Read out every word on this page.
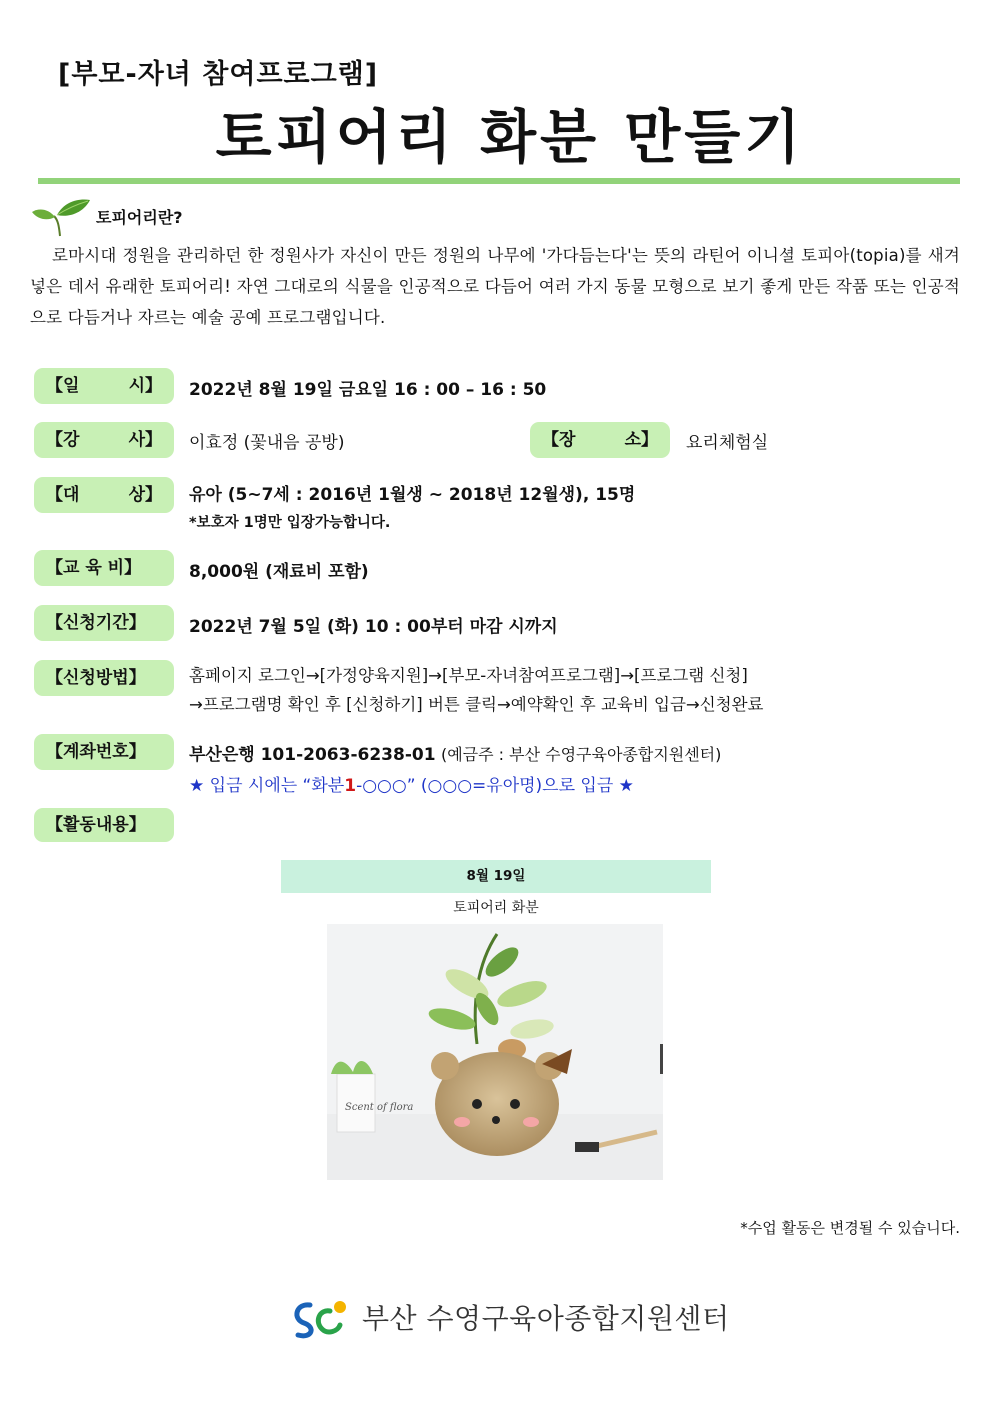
[부모-자녀 참여프로그램]
토피어리 화분 만들기
토피어리란?
로마시대 정원을 관리하던 한 정원사가 자신이 만든 정원의 나무에 '가다듬는다'는 뜻의 라틴어 이니셜 토피아(topia)를 새겨 넣은 데서 유래한 토피어리! 자연 그대로의 식물을 인공적으로 다듬어 여러 가지 동물 모형으로 보기 좋게 만든 작품 또는 인공적으로 다듬거나 자르는 예술 공예 프로그램입니다.
【일	시】 2022년 8월 19일 금요일 16 : 00 – 16 : 50
【강	사】 이효정 (꽃내음 공방)	【장	소】 요리체험실
【대	상】 유아 (5~7세 : 2016년 1월생 ~ 2018년 12월생), 15명
*보호자 1명만 입장가능합니다.
【교 육 비】	8,000원 (재료비 포함)
【신청기간】	2022년 7월 5일 (화) 10 : 00부터 마감 시까지
【신청방법】	홈페이지 로그인→[가정양육지원]→[부모-자녀참여프로그램]→[프로그램 신청]
→프로그램명 확인 후 [신청하기] 버튼 클릭→예약확인 후 교육비 입금→신청완료
【계좌번호】	부산은행 101-2063-6238-01 (예금주 : 부산 수영구육아종합지원센터)
★ 입금 시에는 “화분1-○○○” (○○○=유아명)으로 입금 ★
【활동내용】
8월 19일
토피어리 화분
Scent of flora
*수업 활동은 변경될 수 있습니다.
부산 수영구육아종합지원센터
